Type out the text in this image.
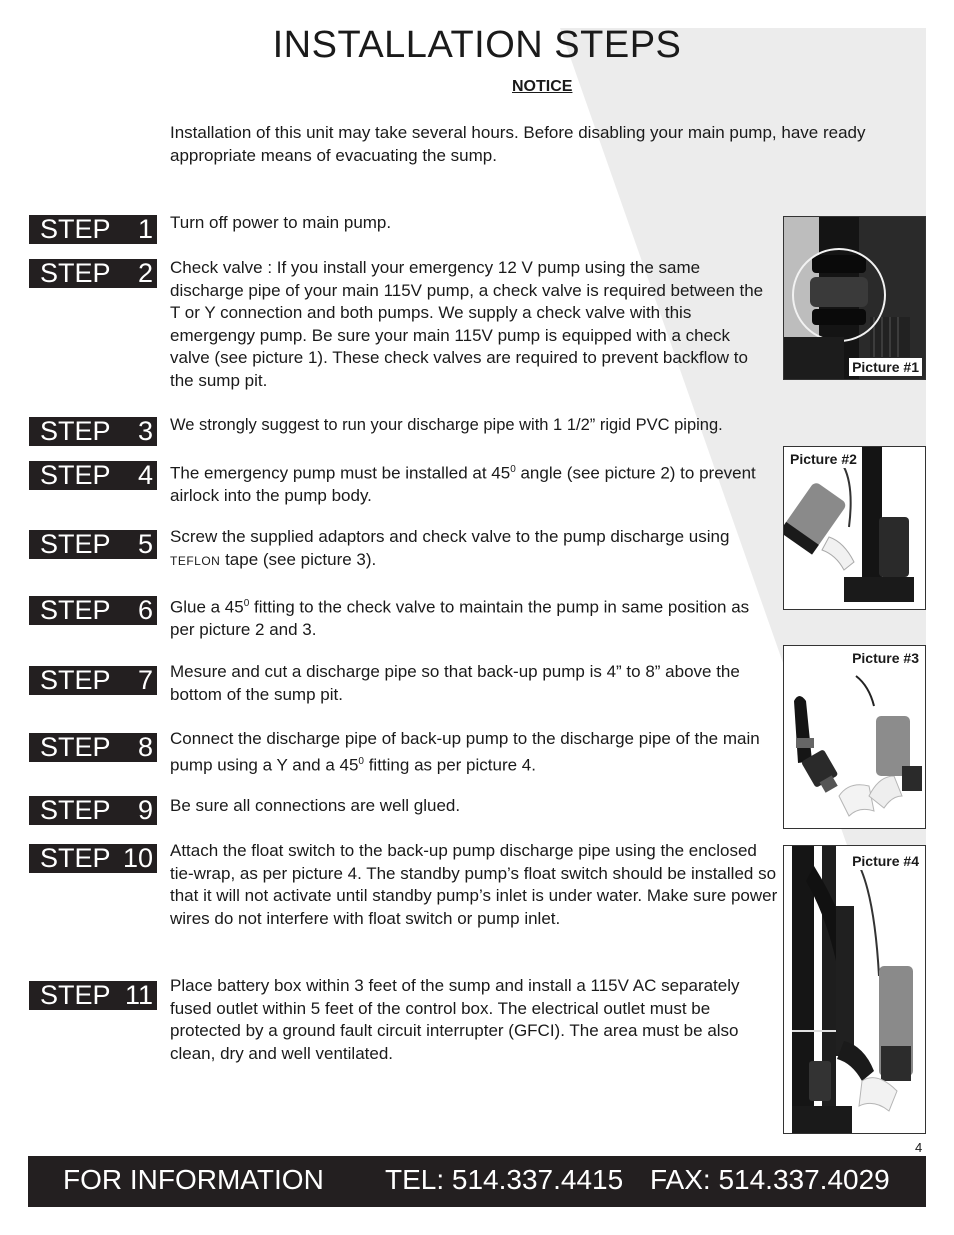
INSTALLATION STEPS
NOTICE
Installation of this unit may take several hours. Before disabling your main pump, have ready appropriate means of evacuating the sump.
STEP 1 Turn off power to main pump.
STEP 2 Check valve : If you install your emergency 12 V pump using the same discharge pipe of your main 115V pump, a check valve is required between the T or Y connection and both pumps. We supply a check valve with this emergengy pump. Be sure your main 115V pump is equipped with a check valve (see picture 1). These check valves are required to prevent backflow to the sump pit.
STEP 3 We strongly suggest to run your discharge pipe with 1 1/2” rigid PVC piping.
STEP 4 The emergency pump must be installed at $45^0$ angle (see picture 2) to prevent airlock into the pump body.
STEP 5 Screw the supplied adaptors and check valve to the pump discharge using TEFLON tape (see picture 3).
STEP 6 Glue a $45^0$ fitting to the check valve to maintain the pump in same position as per picture 2 and 3.
STEP 7 Mesure and cut a discharge pipe so that back-up pump is 4” to 8” above the bottom of the sump pit.
STEP 8 Connect the discharge pipe of back-up pump to the discharge pipe of the main pump using a Y and a $45^0$ fitting as per picture 4.
STEP 9 Be sure all connections are well glued.
STEP 10 Attach the float switch to the back-up pump discharge pipe using the enclosed tie-wrap, as per picture 4. The standby pump’s float switch should be installed so that it will not activate until standby pump’s inlet is under water. Make sure power wires do not interfere with float switch or pump inlet.
STEP 11 Place battery box within 3 feet of the sump and install a 115V AC separately fused outlet within 5 feet of the control box. The electrical outlet must be protected by a ground fault circuit interrupter (GFCI). The area must be also clean, dry and well ventilated.
Picture #1
Picture #2
Picture #3
Picture #4
4
FOR INFORMATION TEL: 514.337.4415 FAX: 514.337.4029
